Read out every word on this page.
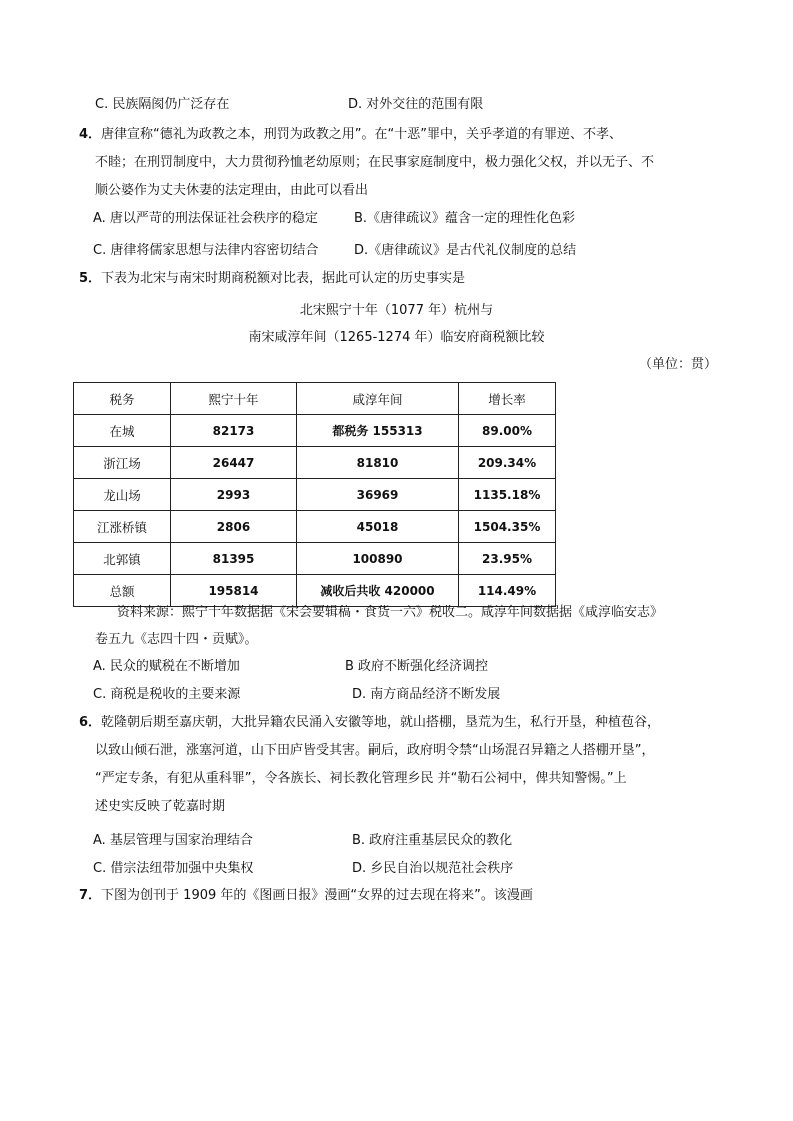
C. 民族隔阂仍广泛存在	D. 对外交往的范围有限
4．唐律宣称“德礼为政教之本，刑罚为政教之用”。在“十恶”罪中，关乎孝道的有罪逆、不孝、
不睦；在刑罚制度中，大力贯彻矜恤老幼原则；在民事家庭制度中，极力强化父权，并以无子、不
顺公婆作为丈夫休妻的法定理由，由此可以看出
A. 唐以严苛的刑法保证社会秩序的稳定	B.《唐律疏议》蕴含一定的理性化色彩
C. 唐律将儒家思想与法律内容密切结合	D.《唐律疏议》是古代礼仪制度的总结
5．下表为北宋与南宋时期商税额对比表，据此可认定的历史事实是
北宋熙宁十年（1077 年）杭州与
南宋咸淳年间（1265-1274 年）临安府商税额比较
（单位：贯）
税务	熙宁十年	咸淳年间	增长率
在城	82173	都税务 155313	89.00%
浙江场	26447	81810	209.34%
龙山场	2993	36969	1135.18%
江涨桥镇	2806	45018	1504.35%
北郭镇	81395	100890	23.95%
总额	195814	减收后共收 420000	114.49%
资料来源：熙宁十年数据据《宋会要辑稿・食货一六》税收二。咸淳年间数据据《咸淳临安志》
卷五九《志四十四・贡赋》。
A. 民众的赋税在不断增加	B 政府不断强化经济调控
C. 商税是税收的主要来源	D. 南方商品经济不断发展
6．乾隆朝后期至嘉庆朝，大批异籍农民涌入安徽等地，就山搭棚，垦荒为生，私行开垦，种植苞谷，
以致山倾石泄，涨塞河道，山下田庐皆受其害。嗣后，政府明令禁“山场混召异籍之人搭棚开垦”，
“严定专条，有犯从重科罪”，令各族长、祠长教化管理乡民 并“勒石公祠中，俾共知警惕。”上
述史实反映了乾嘉时期
A. 基层管理与国家治理结合	B. 政府注重基层民众的教化
C. 借宗法纽带加强中央集权	D. 乡民自治以规范社会秩序
7．下图为创刊于 1909 年的《图画日报》漫画“女界的过去现在将来”。该漫画
